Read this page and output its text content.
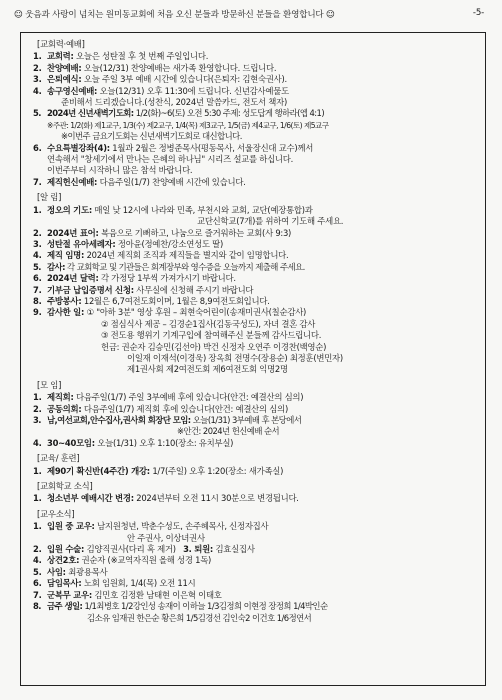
☺ 웃음과 사랑이 넘치는 원미동교회에 처음 오신 분들과 방문하신 분들을 환영합니다 ☺	-5-
[교회력·예배]
1. 교회력: 오늘은 성탄절 후 첫 번째 주일입니다.
2. 찬양예배: 오늘(12/31) 찬양예배는 새가족 환영합니다. 드립니다.
3. 은퇴예식: 오늘 주일 3부 예배 시간에 있습니다(은퇴자: 김현숙권사).
4. 송구영신예배: 오늘(12/31) 오후 11:30에 드립니다. 신년감사예물도
준비해서 드리겠습니다.(성찬식, 2024년 말씀카드, 전도서 책자)
5. 2024년 신년새벽기도회: 1/2(화)~6(토) 오전 5:30 주제: 성도답게 행하라(엡 4:1)
※주관: 1/2(화) 제1교구, 1/3(수) 제2교구, 1/4(목) 제3교구, 1/5(금) 제4교구, 1/6(토) 제5교구
※이번주 금요기도회는 신년새벽기도회로 대신합니다.
6. 수요특별강좌(4): 1월과 2월은 정병준목사(평동목사, 서울장신대 교수)께서
연속해서 "창세기에서 만나는 은혜의 하나님" 시리즈 설교를 하십니다.
이번주부터 시작하니 많은 참석 바랍니다.
7. 제직헌신예배: 다음주일(1/7) 찬양예배 시간에 있습니다.
[알 림]
1. 정오의 기도: 매일 낮 12시에 나라와 민족, 부천시와 교회, 교단(예장통합)과
교단신학교(7개)를 위하여 기도해 주세요.
2. 2024년 표어: 복음으로 기뻐하고, 나눔으로 즐거워하는 교회(사 9:3)
3. 성탄절 유아세례자: 정아윤(정예찬/강소연성도 딸)
4. 제직 임명: 2024년 제직회 조직과 제직들을 별지와 같이 임명합니다.
5. 감사: 각 교회학교 및 기관들은 회계장부와 영수증을 오늘까지 제출해 주세요.
6. 2024년 달력: 각 가정당 1부씩 가져가시기 바랍니다.
7. 기부금 납입증명서 신청: 사무실에 신청해 주시기 바랍니다
8. 주방봉사: 12월은 6,7여전도회이며, 1월은 8,9여전도회입니다.
9. 감사한 일: ① "아하 3분" 영상 후원 – 최현숙어린이(송재미권사(칠순감사)
② 점심식사 제공 – 김경순1집사(김동국성도), 자녀 결혼 감사
③ 전도용 행위기 기계구입에 참여해주신 분들께 감사드립니다.
헌금: 권순자 김승민(김선아) 박건 신정자 오연주 이경찬(백영순)
이일재 이재석(이경욱) 장옥희 전명수(장용순) 최정훈(변민자)
제1권사회 제2여전도회 제6여전도회 익명2명
[모 임]
1. 제직회: 다음주일(1/7) 주일 3부예배 후에 있습니다(안건: 예결산의 심의)
2. 공동의회: 다음주일(1/7) 제직회 후에 있습니다(안건: 예결산의 심의)
3. 남,여선교회,안수집사,권사회 회장단 모임: 오늘(1/31) 3부예배 후 본당에서
※안건: 2024년 헌신예배 순서
4. 30~40모임: 오늘(1/31) 오후 1:10(장소: 유치부실)
[교육/ 훈련]
1. 제90기 확신반(4주간) 개강: 1/7(주일) 오후 1:20(장소: 새가족실)
[교회학교 소식]
1. 청소년부 예배시간 변경: 2024년부터 오전 11시 30분으로 변경됩니다.
[교우소식]
1. 입원 중 교우: 남지원청년, 박춘수성도, 손주혜목사, 신정자집사
안 주권사, 이상녀권사
2. 입원 수술: 김양직권사(다리 혹 제거) 3. 퇴원: 김효실집사
4. 상견2호: 권순자 (※교역자직원 올해 성경 1독)
5. 사임: 최광용목사
6. 담임목사: 노회 임원회, 1/4(목) 오전 11시
7. 군복무 교우: 김민호 김정환 남태현 이은혁 이태호
8. 금주 생일: 1/1최병호 1/2강인성 송재이 이하늘 1/3김정희 이현정 장정희 1/4박인순
김소유 임재권 한은순 황은희 1/5김경선 김인숙2 이건호 1/6정연서
